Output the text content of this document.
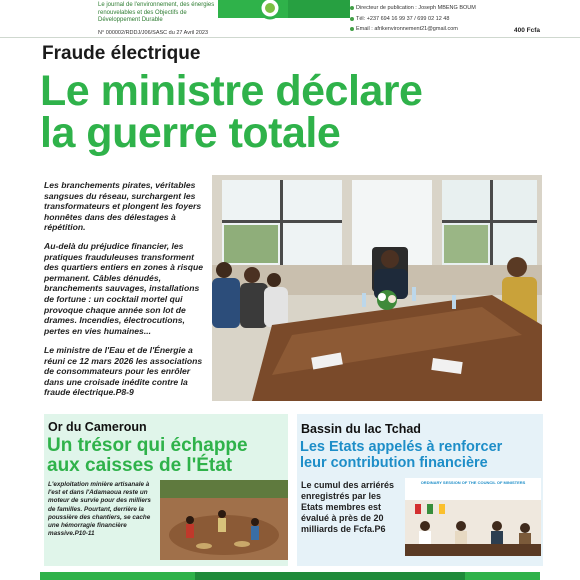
Le journal de l'environnement, des énergies renouvelables et des Objectifs de Développement Durable
N° 000002/RDDJ/J06/SASC du 27 Avril 2023
Directeur de publication : Joseph MBENG BOUM
Tél: +237 694 16 99 37 / 699 02 12 48
Email : afrikenvironnement21@gmail.com	400 Fcfa
Fraude électrique
Le ministre déclare
la guerre totale

Les branchements pirates, véritables sangsues du réseau, surchargent les transformateurs et plongent les foyers honnêtes dans des délestages à répétition.

Au-delà du préjudice financier, les pratiques frauduleuses transforment des quartiers entiers en zones à risque permanent. Câbles dénudés, branchements sauvages, installations de fortune : un cocktail mortel qui provoque chaque année son lot de drames. Incendies, électrocutions, pertes en vies humaines...

Le ministre de l'Eau et de l'Énergie a réuni ce 12 mars 2026 les associations de consommateurs pour les enrôler dans une croisade inédite contre la fraude électrique.P8-9

Or du Cameroun
Un trésor qui échappe
aux caisses de l'État

L'exploitation minière artisanale à l'est et dans l'Adamaoua reste un moteur de survie pour des milliers de familles. Pourtant, derrière la poussière des chantiers, se cache une hémorragie financière massive.P10-11

Bassin du lac Tchad
Les Etats appelés à renforcer
leur contribution financière

Le cumul des arriérés enregistrés par les Etats membres est évalué à près de 20 milliards de Fcfa.P6

ORDINARY SESSION OF THE COUNCIL OF MINISTERS
